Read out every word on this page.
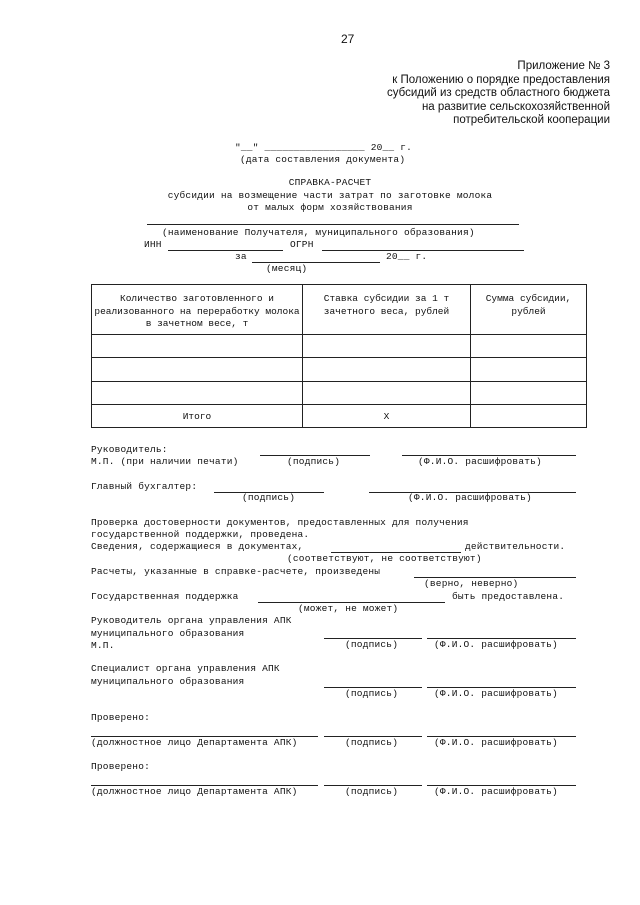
27
Приложение № 3
к Положению о порядке предоставления
субсидий из средств областного бюджета
на развитие сельскохозяйственной
потребительской кооперации
"__" _________________ 20__ г.
(дата составления документа)
СПРАВКА-РАСЧЕТ
субсидии на возмещение части затрат по заготовке молока
от малых форм хозяйствования
(наименование Получателя, муниципального образования)
ИНН	ОГРН
за	20__ г.
(месяц)
Количество заготовленного и реализованного на переработку молока в зачетном весе, т	Ставка субсидии за 1 т зачетного веса, рублей	Сумма субсидии, рублей

Итого	Х	
Руководитель:
М.П. (при наличии печати)	(подпись)	(Ф.И.О. расшифровать)
Главный бухгалтер:
(подпись)	(Ф.И.О. расшифровать)
Проверка достоверности документов, предоставленных для получения
государственной поддержки, проведена.
Сведения, содержащиеся в документах,	действительности.
(соответствуют, не соответствуют)
Расчеты, указанные в справке-расчете, произведены
(верно, неверно)
Государственная поддержка	быть предоставлена.
(может, не может)
Руководитель органа управления АПК
муниципального образования
М.П.	(подпись)	(Ф.И.О. расшифровать)
Специалист органа управления АПК
муниципального образования
(подпись)	(Ф.И.О. расшифровать)
Проверено:
(должностное лицо Департамента АПК)	(подпись)	(Ф.И.О. расшифровать)
Проверено:
(должностное лицо Департамента АПК)	(подпись)	(Ф.И.О. расшифровать)
